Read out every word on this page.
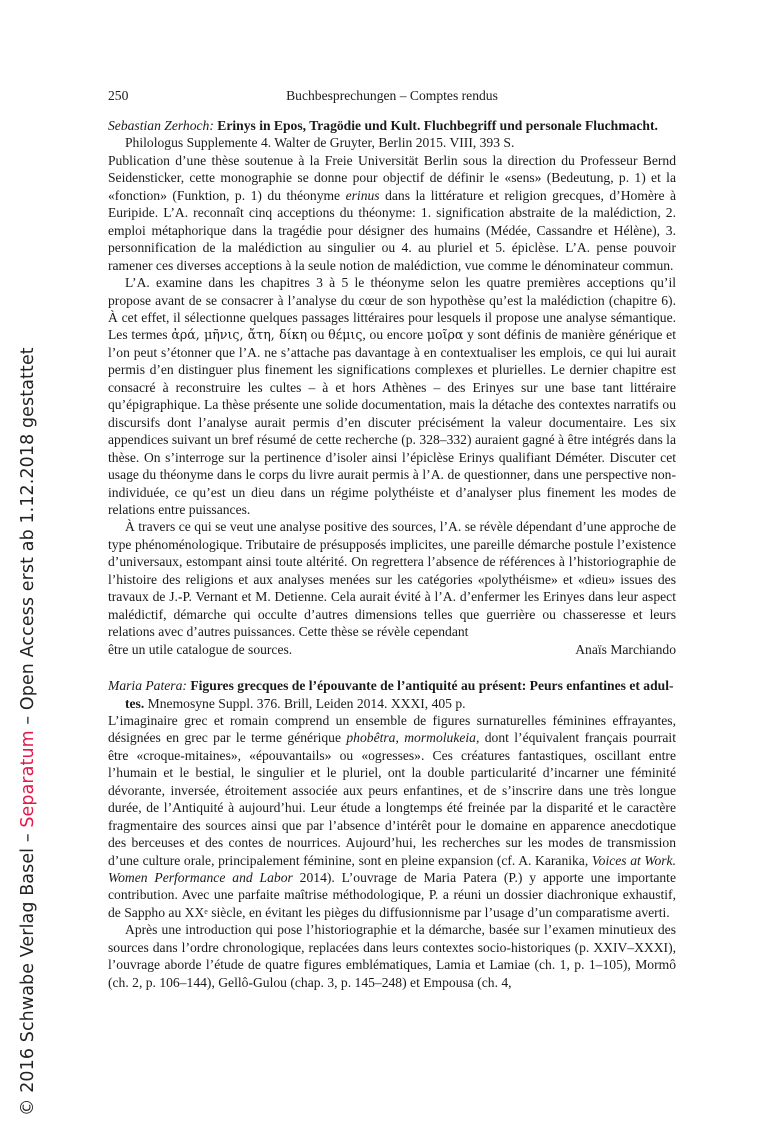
© 2016 Schwabe Verlag Basel – Separatum – Open Access erst ab 1.12.2018 gestattet
250	Buchbesprechungen – Comptes rendus

Sebastian Zerhoch: Erinys in Epos, Tragödie und Kult. Fluchbegriff und personale Fluchmacht.
Philologus Supplemente 4. Walter de Gruyter, Berlin 2015. VIII, 393 S.

Publication d’une thèse soutenue à la Freie Universität Berlin sous la direction du Professeur Bernd Seidensticker, cette monographie se donne pour objectif de définir le «sens» (Bedeutung, p. 1) et la «fonction» (Funktion, p. 1) du théonyme erinus dans la littérature et religion grecques, d’Homère à Euripide. L’A. reconnaît cinq acceptions du théonyme: 1. signification abstraite de la malédiction, 2. emploi métaphorique dans la tragédie pour désigner des humains (Médée, Cassandre et Hélène), 3. personnification de la malédiction au singulier ou 4. au pluriel et 5. épiclèse. L’A. pense pouvoir ramener ces diverses acceptions à la seule notion de malédiction, vue comme le dénominateur commun.

L’A. examine dans les chapitres 3 à 5 le théonyme selon les quatre premières acceptions qu’il propose avant de se consacrer à l’analyse du cœur de son hypothèse qu’est la malédiction (chapitre 6). À cet effet, il sélectionne quelques passages littéraires pour lesquels il propose une analyse sémantique. Les termes ἀρά, μῆνις, ἄτη, δίκη ou θέμις, ou encore μοῖρα y sont définis de manière générique et l’on peut s’étonner que l’A. ne s’attache pas davantage à en contextualiser les emplois, ce qui lui aurait permis d’en distinguer plus finement les significations complexes et plurielles. Le dernier chapitre est consacré à reconstruire les cultes – à et hors Athènes – des Erinyes sur une base tant littéraire qu’épigraphique. La thèse présente une solide documentation, mais la détache des contextes narratifs ou discursifs dont l’analyse aurait permis d’en discuter précisément la valeur documentaire. Les six appendices suivant un bref résumé de cette recherche (p. 328–332) auraient gagné à être intégrés dans la thèse. On s’interroge sur la pertinence d’isoler ainsi l’épiclèse Erinys qualifiant Déméter. Discuter cet usage du théonyme dans le corps du livre aurait permis à l’A. de questionner, dans une perspective non-individuée, ce qu’est un dieu dans un régime polythéiste et d’analyser plus finement les modes de relations entre puissances.

À travers ce qui se veut une analyse positive des sources, l’A. se révèle dépendant d’une approche de type phénoménologique. Tributaire de présupposés implicites, une pareille démarche postule l’existence d’universaux, estompant ainsi toute altérité. On regrettera l’absence de références à l’historiographie de l’histoire des religions et aux analyses menées sur les catégories «polythéisme» et «dieu» issues des travaux de J.-P. Vernant et M. Detienne. Cela aurait évité à l’A. d’enfermer les Erinyes dans leur aspect malédictif, démarche qui occulte d’autres dimensions telles que guerrière ou chasseresse et leurs relations avec d’autres puissances. Cette thèse se révèle cependant

être un utile catalogue de sources.	Anaïs Marchiando

Maria Patera: Figures grecques de l’épouvante de l’antiquité au présent: Peurs enfantines et adultes. Mnemosyne Suppl. 376. Brill, Leiden 2014. XXXI, 405 p.

L’imaginaire grec et romain comprend un ensemble de figures surnaturelles féminines effrayantes, désignées en grec par le terme générique phobêtra, mormolukeia, dont l’équivalent français pourrait être «croque-mitaines», «épouvantails» ou «ogresses». Ces créatures fantastiques, oscillant entre l’humain et le bestial, le singulier et le pluriel, ont la double particularité d’incarner une féminité dévorante, inversée, étroitement associée aux peurs enfantines, et de s’inscrire dans une très longue durée, de l’Antiquité à aujourd’hui. Leur étude a longtemps été freinée par la disparité et le caractère fragmentaire des sources ainsi que par l’absence d’intérêt pour le domaine en apparence anecdotique des berceuses et des contes de nourrices. Aujourd’hui, les recherches sur les modes de transmission d’une culture orale, principalement féminine, sont en pleine expansion (cf. A. Karanika, Voices at Work. Women Performance and Labor 2014). L’ouvrage de Maria Patera (P.) y apporte une importante contribution. Avec une parfaite maîtrise méthodologique, P. a réuni un dossier diachronique exhaustif, de Sappho au XXe siècle, en évitant les pièges du diffusionnisme par l’usage d’un comparatisme averti.

Après une introduction qui pose l’historiographie et la démarche, basée sur l’examen minutieux des sources dans l’ordre chronologique, replacées dans leurs contextes socio-historiques (p. XXIV–XXXI), l’ouvrage aborde l’étude de quatre figures emblématiques, Lamia et Lamiae (ch. 1, p. 1–105), Mormô (ch. 2, p. 106–144), Gellô-Gulou (chap. 3, p. 145–248) et Empousa (ch. 4,
